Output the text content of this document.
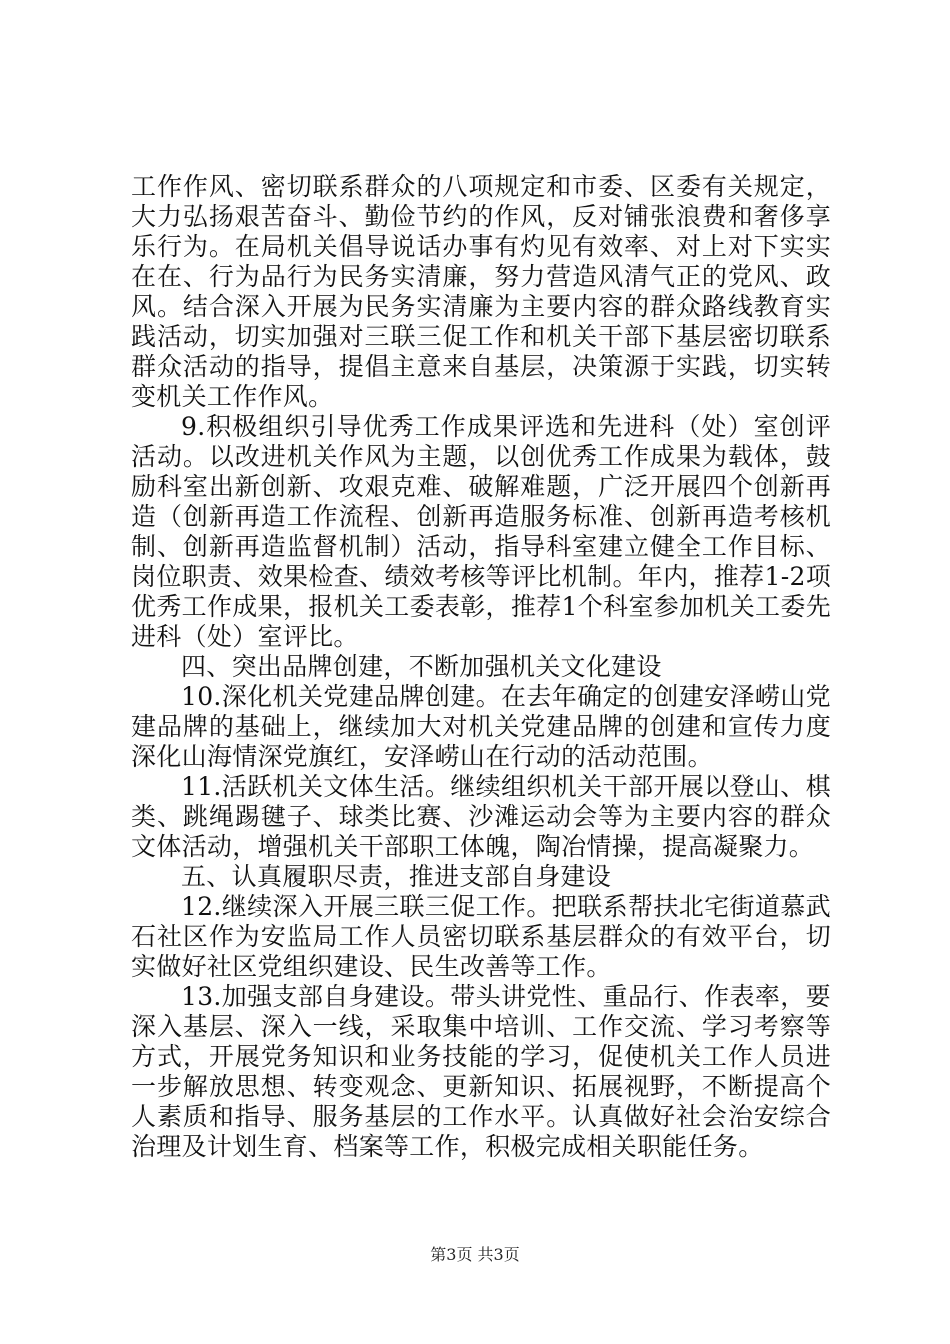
工作作风、密切联系群众的八项规定和市委、区委有关规定，大力弘扬艰苦奋斗、勤俭节约的作风，反对铺张浪费和奢侈享乐行为。在局机关倡导说话办事有灼见有效率、对上对下实实在在、行为品行为民务实清廉，努力营造风清气正的党风、政风。结合深入开展为民务实清廉为主要内容的群众路线教育实践活动，切实加强对三联三促工作和机关干部下基层密切联系群众活动的指导，提倡主意来自基层，决策源于实践，切实转变机关工作作风。

9.积极组织引导优秀工作成果评选和先进科（处）室创评活动。以改进机关作风为主题，以创优秀工作成果为载体，鼓励科室出新创新、攻艰克难、破解难题，广泛开展四个创新再造（创新再造工作流程、创新再造服务标准、创新再造考核机制、创新再造监督机制）活动，指导科室建立健全工作目标、岗位职责、效果检查、绩效考核等评比机制。年内，推荐1-2项优秀工作成果，报机关工委表彰，推荐1个科室参加机关工委先进科（处）室评比。

四、突出品牌创建，不断加强机关文化建设

10.深化机关党建品牌创建。在去年确定的创建安泽崂山党建品牌的基础上，继续加大对机关党建品牌的创建和宣传力度深化山海情深党旗红，安泽崂山在行动的活动范围。

11.活跃机关文体生活。继续组织机关干部开展以登山、棋类、跳绳踢毽子、球类比赛、沙滩运动会等为主要内容的群众文体活动，增强机关干部职工体魄，陶冶情操，提高凝聚力。

五、认真履职尽责，推进支部自身建设

12.继续深入开展三联三促工作。把联系帮扶北宅街道慕武石社区作为安监局工作人员密切联系基层群众的有效平台，切实做好社区党组织建设、民生改善等工作。

13.加强支部自身建设。带头讲党性、重品行、作表率，要深入基层、深入一线，采取集中培训、工作交流、学习考察等方式，开展党务知识和业务技能的学习，促使机关工作人员进一步解放思想、转变观念、更新知识、拓展视野，不断提高个人素质和指导、服务基层的工作水平。认真做好社会治安综合治理及计划生育、档案等工作，积极完成相关职能任务。

第3页 共3页
